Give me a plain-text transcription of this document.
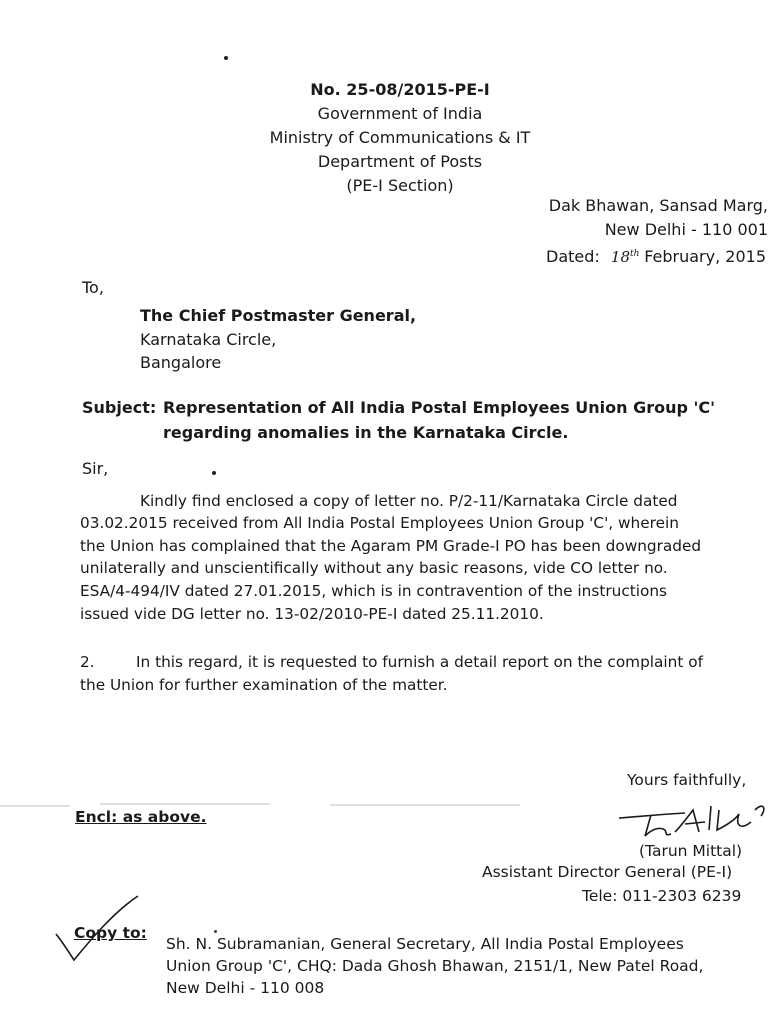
No. 25-08/2015-PE-I
Government of India
Ministry of Communications & IT
Department of Posts
(PE-I Section)
Dak Bhawan, Sansad Marg,
New Delhi - 110 001
Dated: 18th February, 2015
To,
The Chief Postmaster General,
Karnataka Circle,
Bangalore
Subject: Representation of All India Postal Employees Union Group 'C'
regarding anomalies in the Karnataka Circle.
Sir,
Kindly find enclosed a copy of letter no. P/2-11/Karnataka Circle dated
03.02.2015 received from All India Postal Employees Union Group 'C', wherein
the Union has complained that the Agaram PM Grade-I PO has been downgraded
unilaterally and unscientifically without any basic reasons, vide CO letter no.
ESA/4-494/IV dated 27.01.2015, which is in contravention of the instructions
issued vide DG letter no. 13-02/2010-PE-I dated 25.11.2010.
2.	In this regard, it is requested to furnish a detail report on the complaint of
the Union for further examination of the matter.
Yours faithfully,
Encl: as above.
(Tarun Mittal)
Assistant Director General (PE-I)
Tele: 011-2303 6239
Copy to:
Sh. N. Subramanian, General Secretary, All India Postal Employees
Union Group 'C', CHQ: Dada Ghosh Bhawan, 2151/1, New Patel Road,
New Delhi - 110 008
